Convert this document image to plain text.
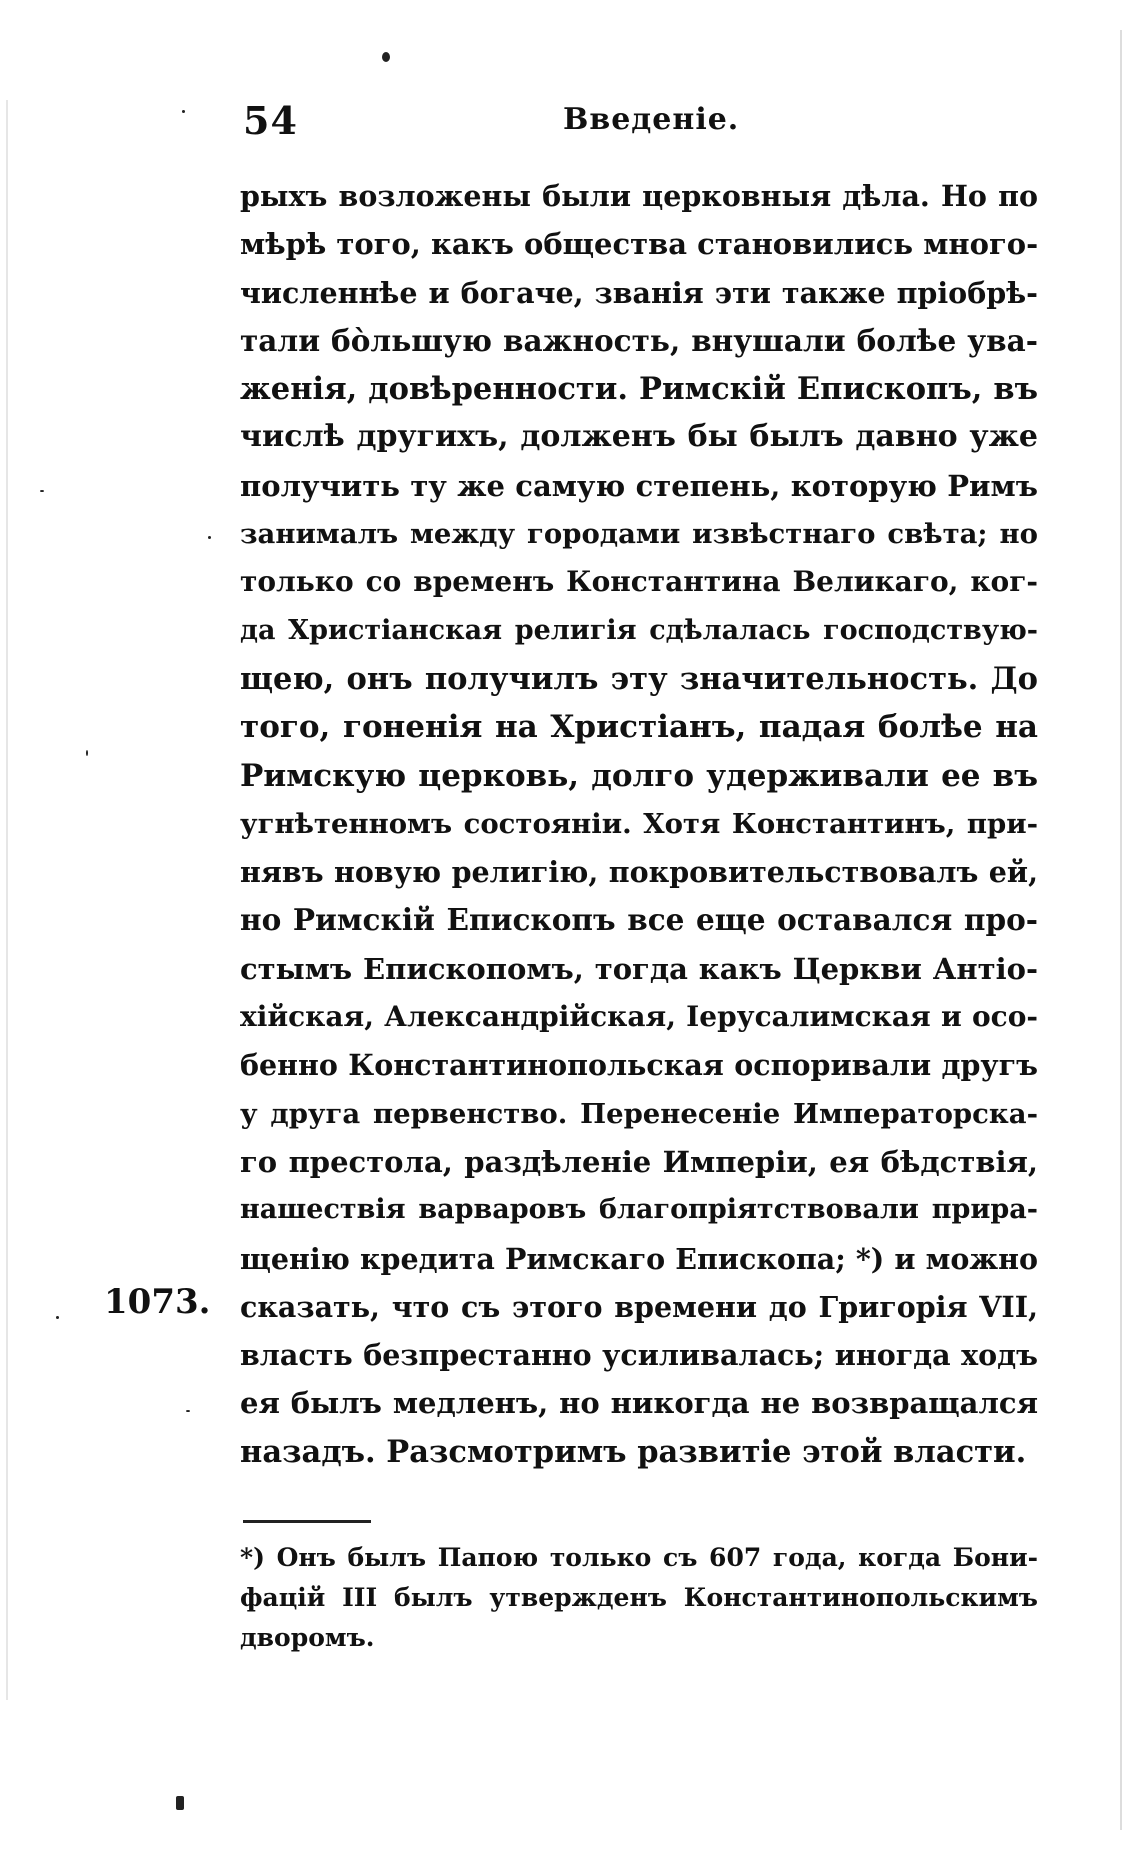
54	Введеніе.
рыхъ возложены были церковныя дѣла. Но по
мѣрѣ того, какъ общества становились много-
численнѣе и богаче, званія эти также пріобрѣ-
тали бо̀льшую важность, внушали болѣе ува-
женія, довѣренности. Римскій Епископъ, въ
числѣ другихъ, долженъ бы былъ давно уже
получить ту же самую степень, которую Римъ
занималъ между городами извѣстнаго свѣта; но
только со временъ Константина Великаго, ког-
да Христіанская религія сдѣлалась господствую-
щею, онъ получилъ эту значительность. До
того, гоненія на Христіанъ, падая болѣе на
Римскую церковь, долго удерживали ее въ
угнѣтенномъ состояніи. Хотя Константинъ, при-
нявъ новую религію, покровительствовалъ ей,
но Римскій Епископъ все еще оставался про-
стымъ Епископомъ, тогда какъ Церкви Антіо-
хійская, Александрійская, Іерусалимская и осо-
бенно Константинопольская оспоривали другъ
у друга первенство. Перенесеніе Императорска-
го престола, раздѣленіе Имперіи, ея бѣдствія,
нашествія варваровъ благопріятствовали прира-
щенію кредита Римскаго Епископа; *) и можно
сказать, что съ этого времени до Григорія VII,
власть безпрестанно усиливалась; иногда ходъ
ея былъ медленъ, но никогда не возвращался
назадъ. Разсмотримъ развитіе этой власти.
1073.
*) Онъ былъ Папою только съ 607 года, когда Бони-
фацій III былъ утвержденъ Константинопольскимъ
дворомъ.
